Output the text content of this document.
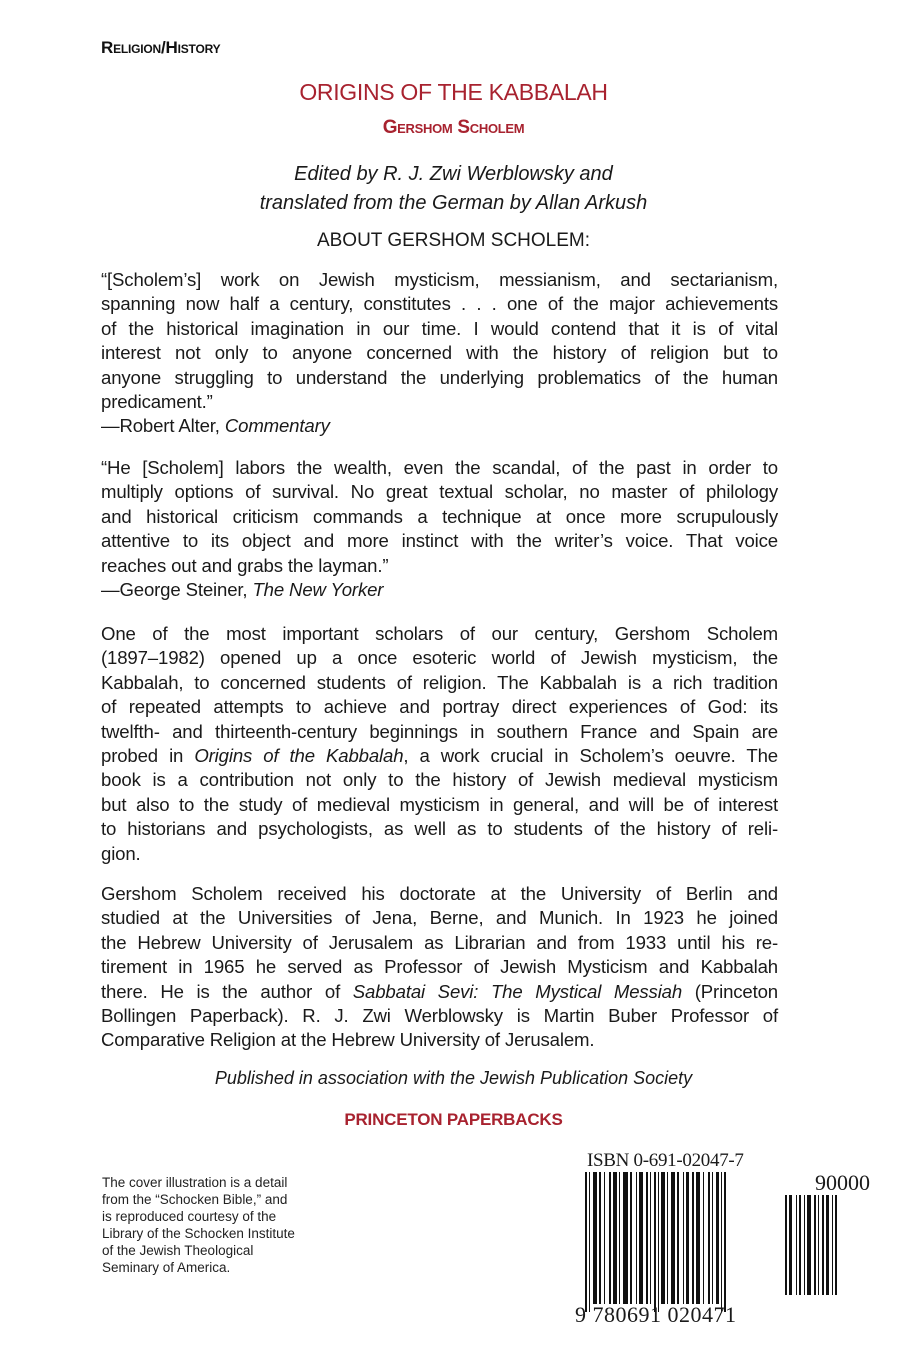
Religion/History
ORIGINS OF THE KABBALAH
Gershom Scholem
Edited by R. J. Zwi Werblowsky and
translated from the German by Allan Arkush
ABOUT GERSHOM SCHOLEM:
“[Scholem’s] work on Jewish mysticism, messianism, and sectarianism,
spanning now half a century, constitutes . . . one of the major achievements
of the historical imagination in our time. I would contend that it is of vital
interest not only to anyone concerned with the history of religion but to
anyone struggling to understand the underlying problematics of the human
predicament.”
—Robert Alter, Commentary
“He [Scholem] labors the wealth, even the scandal, of the past in order to
multiply options of survival. No great textual scholar, no master of philology
and historical criticism commands a technique at once more scrupulously
attentive to its object and more instinct with the writer’s voice. That voice
reaches out and grabs the layman.”
—George Steiner, The New Yorker
One of the most important scholars of our century, Gershom Scholem
(1897–1982) opened up a once esoteric world of Jewish mysticism, the
Kabbalah, to concerned students of religion. The Kabbalah is a rich tradition
of repeated attempts to achieve and portray direct experiences of God: its
twelfth- and thirteenth-century beginnings in southern France and Spain are
probed in Origins of the Kabbalah, a work crucial in Scholem’s oeuvre. The
book is a contribution not only to the history of Jewish medieval mysticism
but also to the study of medieval mysticism in general, and will be of interest
to historians and psychologists, as well as to students of the history of reli-
gion.
Gershom Scholem received his doctorate at the University of Berlin and
studied at the Universities of Jena, Berne, and Munich. In 1923 he joined
the Hebrew University of Jerusalem as Librarian and from 1933 until his re-
tirement in 1965 he served as Professor of Jewish Mysticism and Kabbalah
there. He is the author of Sabbatai Sevi: The Mystical Messiah (Princeton
Bollingen Paperback). R. J. Zwi Werblowsky is Martin Buber Professor of
Comparative Religion at the Hebrew University of Jerusalem.
Published in association with the Jewish Publication Society
PRINCETON PAPERBACKS
The cover illustration is a detail
from the “Schocken Bible,” and
is reproduced courtesy of the
Library of the Schocken Institute
of the Jewish Theological
Seminary of America.
ISBN 0-691-02047-7
9 780691 020471
90000
